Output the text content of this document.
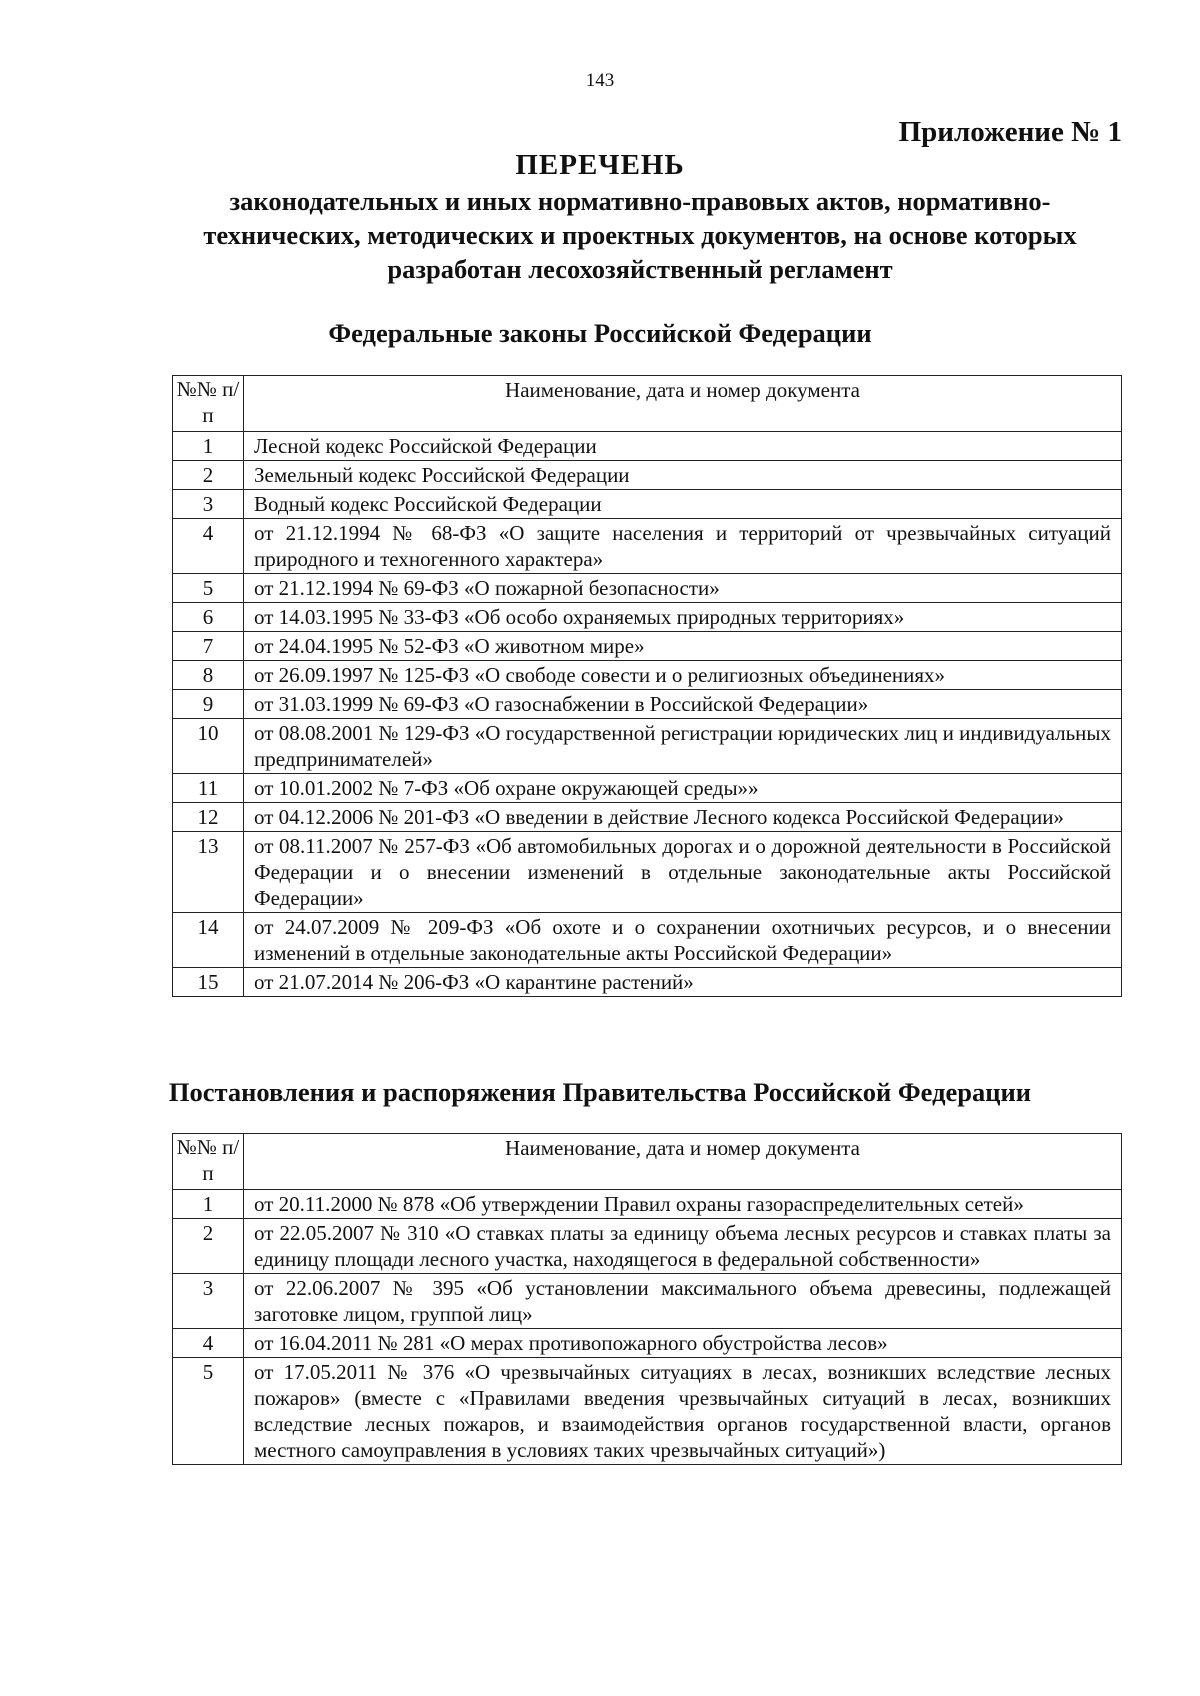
143
Приложение № 1
ПЕРЕЧЕНЬ
законодательных и иных нормативно-правовых актов, нормативно-технических, методических и проектных документов, на основе которых разработан лесохозяйственный регламент
Федеральные законы Российской Федерации
№№ п/п	Наименование, дата и номер документа
1	Лесной кодекс Российской Федерации
2	Земельный кодекс Российской Федерации
3	Водный кодекс Российской Федерации
4	от 21.12.1994 № 68-ФЗ «О защите населения и территорий от чрезвычайных ситуаций природного и техногенного характера»
5	от 21.12.1994 № 69-ФЗ «О пожарной безопасности»
6	от 14.03.1995 № 33-ФЗ «Об особо охраняемых природных территориях»
7	от 24.04.1995 № 52-ФЗ «О животном мире»
8	от 26.09.1997 № 125-ФЗ «О свободе совести и о религиозных объединениях»
9	от 31.03.1999 № 69-ФЗ «О газоснабжении в Российской Федерации»
10	от 08.08.2001 № 129-ФЗ «О государственной регистрации юридических лиц и индивидуальных предпринимателей»
11	от 10.01.2002 № 7-ФЗ «Об охране окружающей среды»»
12	от 04.12.2006 № 201-ФЗ «О введении в действие Лесного кодекса Российской Федерации»
13	от 08.11.2007 № 257-ФЗ «Об автомобильных дорогах и о дорожной деятельности в Российской Федерации и о внесении изменений в отдельные законодательные акты Российской Федерации»
14	от 24.07.2009 № 209-ФЗ «Об охоте и о сохранении охотничьих ресурсов, и о внесении изменений в отдельные законодательные акты Российской Федерации»
15	от 21.07.2014 № 206-ФЗ «О карантине растений»
Постановления и распоряжения Правительства Российской Федерации
№№ п/п	Наименование, дата и номер документа
1	от 20.11.2000 № 878 «Об утверждении Правил охраны газораспределительных сетей»
2	от 22.05.2007 № 310 «О ставках платы за единицу объема лесных ресурсов и ставках платы за единицу площади лесного участка, находящегося в федеральной собственности»
3	от 22.06.2007 № 395 «Об установлении максимального объема древесины, подлежащей заготовке лицом, группой лиц»
4	от 16.04.2011 № 281 «О мерах противопожарного обустройства лесов»
5	от 17.05.2011 № 376 «О чрезвычайных ситуациях в лесах, возникших вследствие лесных пожаров» (вместе с «Правилами введения чрезвычайных ситуаций в лесах, возникших вследствие лесных пожаров, и взаимодействия органов государственной власти, органов местного самоуправления в условиях таких чрезвычайных ситуаций»)
